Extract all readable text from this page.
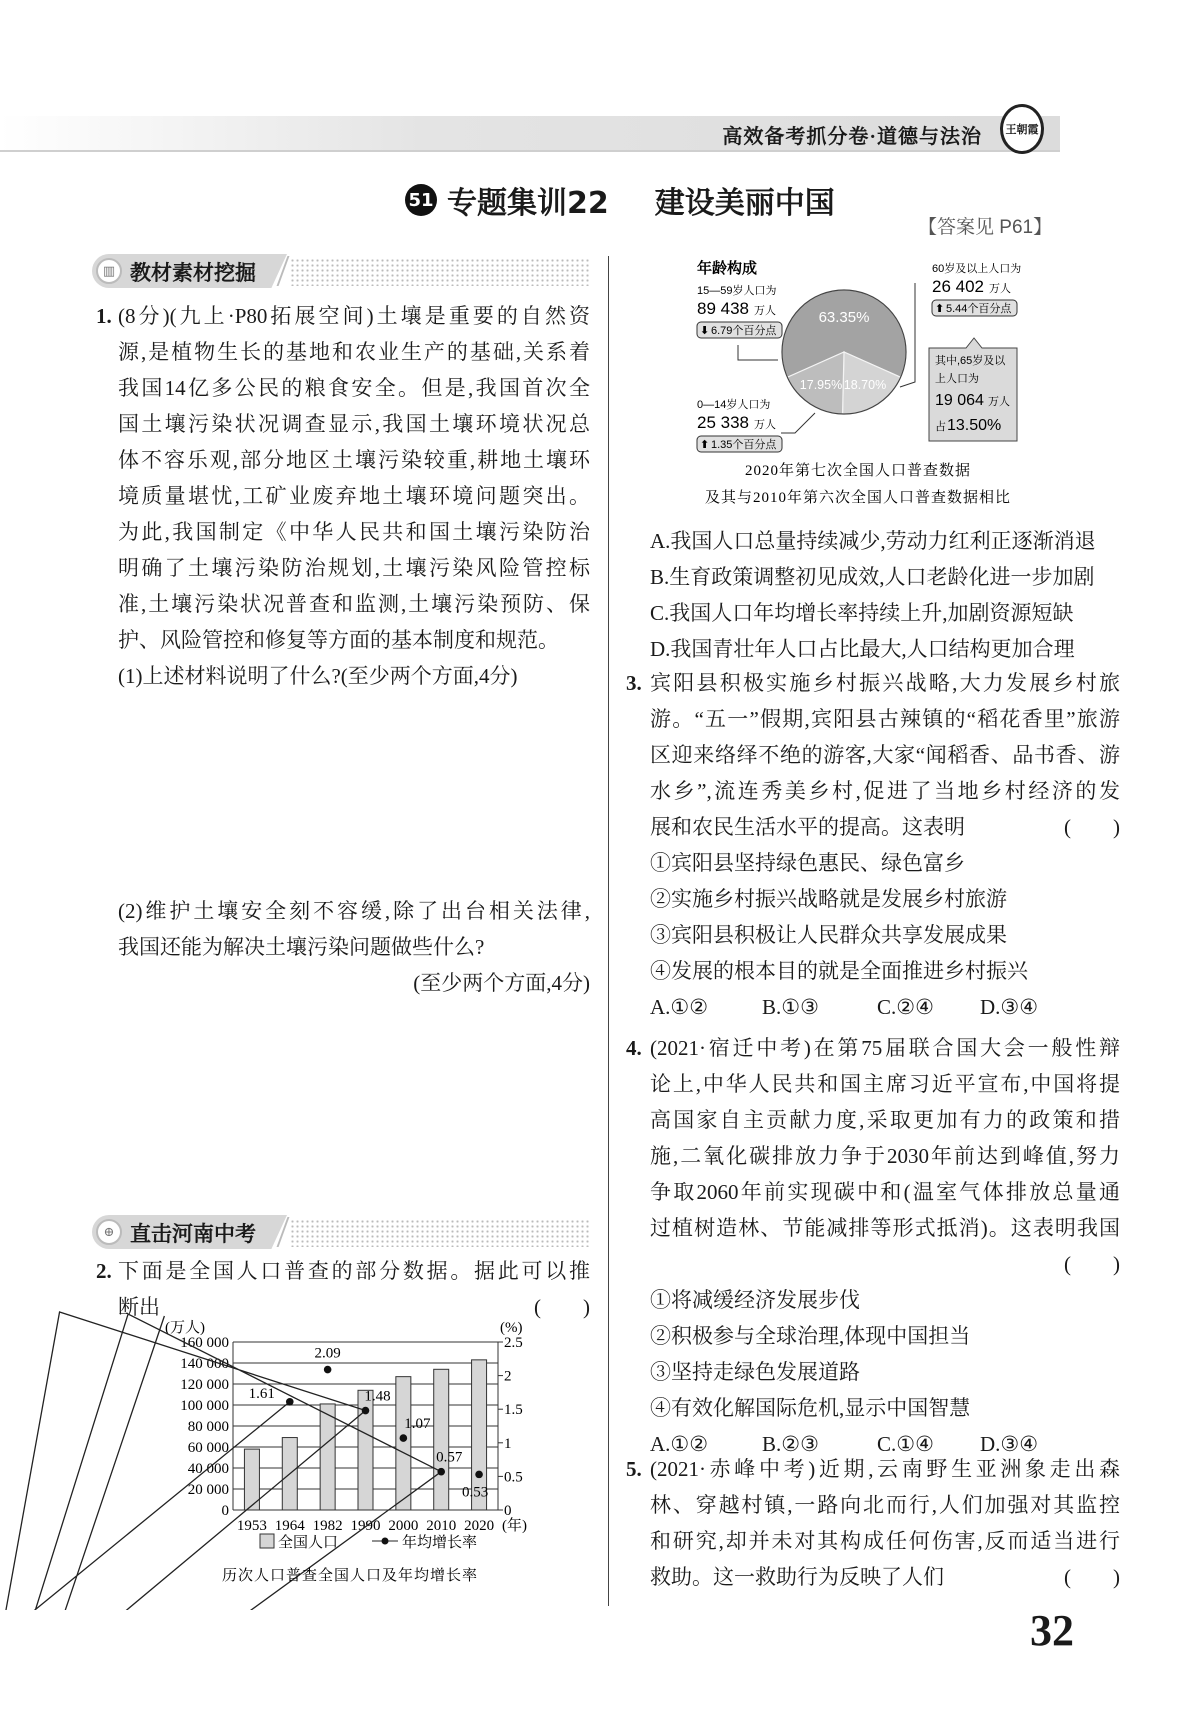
高效备考抓分卷·道德与法治	王朝霞
51 专题集训22 建设美丽中国
【答案见 P61】
▥ 教材素材挖掘
1. (8分)(九上·P80拓展空间)土壤是重要的自然资
源,是植物生长的基地和农业生产的基础,关系着
我国14亿多公民的粮食安全。但是,我国首次全
国土壤污染状况调查显示,我国土壤环境状况总
体不容乐观,部分地区土壤污染较重,耕地土壤环
境质量堪忧,工矿业废弃地土壤环境问题突出。
为此,我国制定《中华人民共和国土壤污染防治
明确了土壤污染防治规划,土壤污染风险管控标
准,土壤污染状况普查和监测,土壤污染预防、保
护、风险管控和修复等方面的基本制度和规范。
(1)上述材料说明了什么?(至少两个方面,4分)
(2)维护土壤安全刻不容缓,除了出台相关法律,
我国还能为解决土壤污染问题做些什么?
(至少两个方面,4分)
⊕ 直击河南中考
2. 下面是全国人口普查的部分数据。据此可以推
断出	(　　)
0
20 000
40 000
60 000
80 000
100 000
120 000
140 000
160 000
0
0.5
1
1.5
2
2.5
(万人)	(%)
1953 1964 1982 1990 2000 2010 2020 (年)
1.61
2.09
1.48
1.07
0.57
0.53
全国人口	年均增长率
历次人口普查全国人口及年均增长率
63.35%
18.70%
17.95%
年龄构成
15—59岁人口为
89 438 万人
⬇ 6.79个百分点
0—14岁人口为
25 338 万人
⬆ 1.35个百分点
60岁及以上人口为
26 402 万人
⬆ 5.44个百分点
其中,65岁及以
上人口为
19 064 万人
占 13.50%
2020年第七次全国人口普查数据
及其与2010年第六次全国人口普查数据相比
A.我国人口总量持续减少,劳动力红利正逐渐消退
B.生育政策调整初见成效,人口老龄化进一步加剧
C.我国人口年均增长率持续上升,加剧资源短缺
D.我国青壮年人口占比最大,人口结构更加合理
3. 宾阳县积极实施乡村振兴战略,大力发展乡村旅
游。“五一”假期,宾阳县古辣镇的“稻花香里”旅游
区迎来络绎不绝的游客,大家“闻稻香、品书香、游
水乡”,流连秀美乡村,促进了当地乡村经济的发
展和农民生活水平的提高。这表明	(　　)
①宾阳县坚持绿色惠民、绿色富乡
②实施乡村振兴战略就是发展乡村旅游
③宾阳县积极让人民群众共享发展成果
④发展的根本目的就是全面推进乡村振兴
A.①②	B.①③	C.②④ D.③④
4. (2021·宿迁中考)在第75届联合国大会一般性辩
论上,中华人民共和国主席习近平宣布,中国将提
高国家自主贡献力度,采取更加有力的政策和措
施,二氧化碳排放力争于2030年前达到峰值,努力
争取2060年前实现碳中和(温室气体排放总量通
过植树造林、节能减排等形式抵消)。这表明我国
(　　)
①将减缓经济发展步伐
②积极参与全球治理,体现中国担当
③坚持走绿色发展道路
④有效化解国际危机,显示中国智慧
A.①②	B.②③	C.①④ D.③④
5. (2021·赤峰中考)近期,云南野生亚洲象走出森
林、穿越村镇,一路向北而行,人们加强对其监控
和研究,却并未对其构成任何伤害,反而适当进行
救助。这一救助行为反映了人们	(　　)
32
